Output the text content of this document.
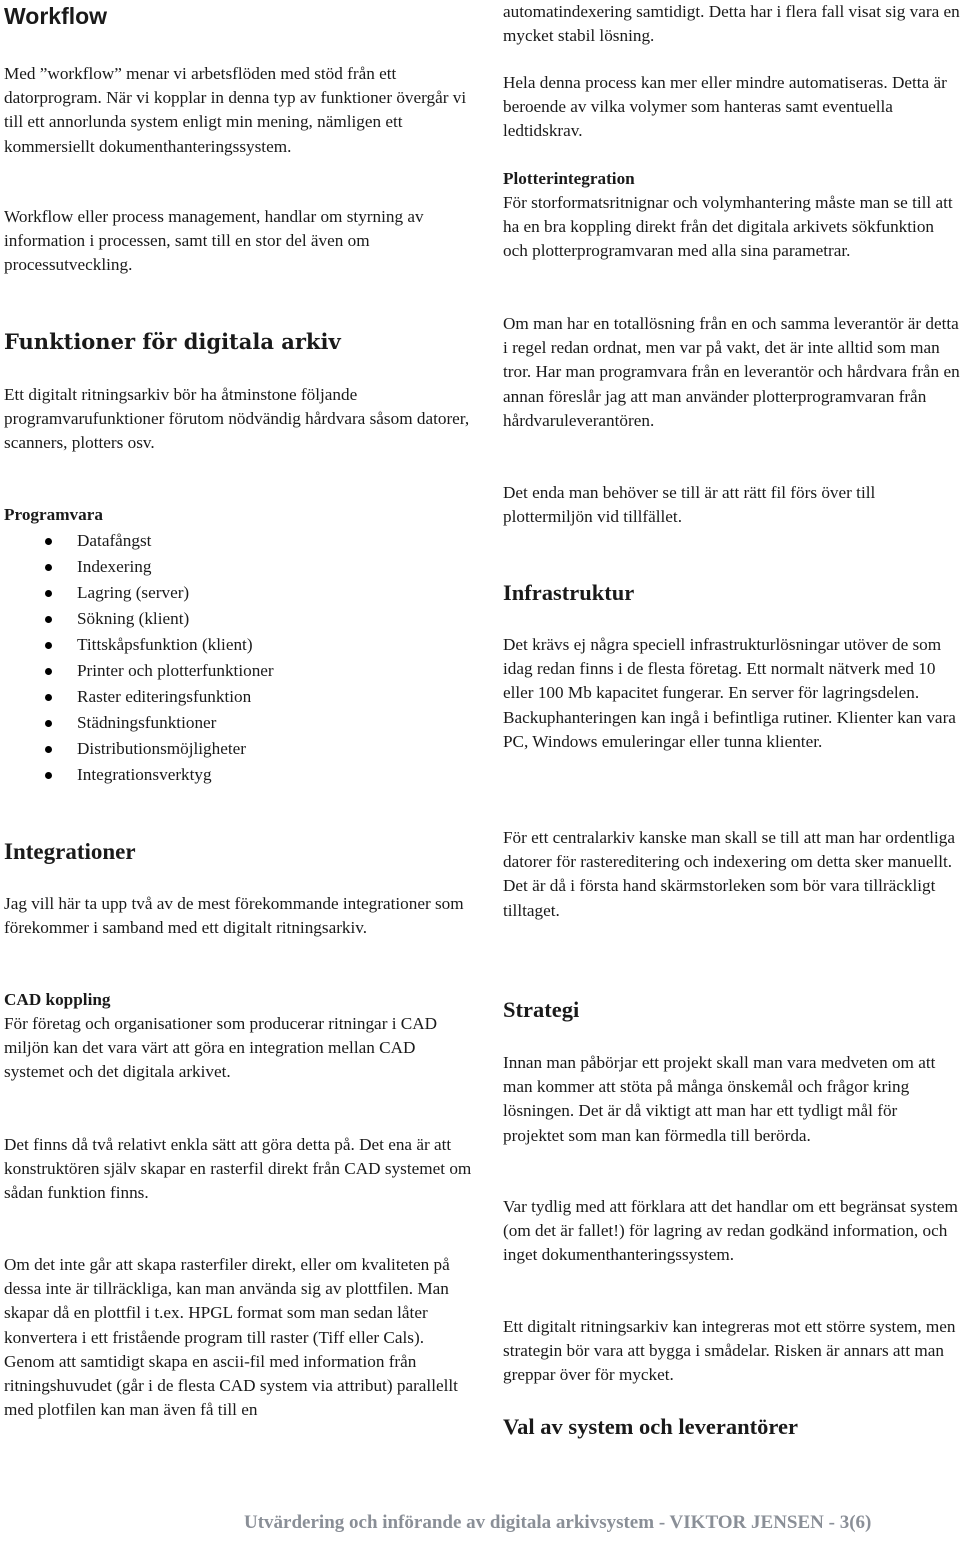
Workflow

Med ”workflow” menar vi arbetsflöden med stöd från ett datorprogram. När vi kopplar in denna typ av funktioner övergår vi till ett annorlunda system enligt min mening, nämligen ett kommersiellt dokumenthanteringssystem.

Workflow eller process management, handlar om styrning av information i processen, samt till en stor del även om processutveckling.

Funktioner för digitala arkiv

Ett digitalt ritningsarkiv bör ha åtminstone följande programvarufunktioner förutom nödvändig hårdvara såsom datorer, scanners, plotters osv.

Programvara

Datafångst
Indexering
Lagring (server)
Sökning (klient)
Tittskåpsfunktion (klient)
Printer och plotterfunktioner
Raster editeringsfunktion
Städningsfunktioner
Distributionsmöjligheter
Integrationsverktyg
Integrationer

Jag vill här ta upp två av de mest förekommande integrationer som förekommer i samband med ett digitalt ritningsarkiv.

CAD koppling

För företag och organisationer som producerar ritningar i CAD miljön kan det vara värt att göra en integration mellan CAD systemet och det digitala arkivet.

Det finns då två relativt enkla sätt att göra detta på. Det ena är att konstruktören själv skapar en rasterfil direkt från CAD systemet om sådan funktion finns.

Om det inte går att skapa rasterfiler direkt, eller om kvaliteten på dessa inte är tillräckliga, kan man använda sig av plottfilen. Man skapar då en plottfil i t.ex. HPGL format som man sedan låter konvertera i ett fristående program till raster (Tiff eller Cals). Genom att samtidigt skapa en ascii-fil med information från ritningshuvudet (går i de flesta CAD system via attribut) parallellt med plotfilen kan man även få till en

automatindexering samtidigt. Detta har i flera fall visat sig vara en mycket stabil lösning.

Hela denna process kan mer eller mindre automatiseras. Detta är beroende av vilka volymer som hanteras samt eventuella ledtidskrav.

Plotterintegration

För storformatsritnignar och volymhantering måste man se till att ha en bra koppling direkt från det digitala arkivets sökfunktion och plotterprogramvaran med alla sina parametrar.

Om man har en totallösning från en och samma leverantör är detta i regel redan ordnat, men var på vakt, det är inte alltid som man tror. Har man programvara från en leverantör och hårdvara från en annan föreslår jag att man använder plotterprogramvaran från hårdvaruleverantören.

Det enda man behöver se till är att rätt fil förs över till plottermiljön vid tillfället.

Infrastruktur

Det krävs ej några speciell infrastrukturlösningar utöver de som idag redan finns i de flesta företag. Ett normalt nätverk med 10 eller 100 Mb kapacitet fungerar. En server för lagringsdelen. Backuphanteringen kan ingå i befintliga rutiner. Klienter kan vara PC, Windows emuleringar eller tunna klienter.

För ett centralarkiv kanske man skall se till att man har ordentliga datorer för rastereditering och indexering om detta sker manuellt. Det är då i första hand skärmstorleken som bör vara tillräckligt tilltaget.

Strategi

Innan man påbörjar ett projekt skall man vara medveten om att man kommer att stöta på många önskemål och frågor kring lösningen. Det är då viktigt att man har ett tydligt mål för projektet som man kan förmedla till berörda.

Var tydlig med att förklara att det handlar om ett begränsat system (om det är fallet!) för lagring av redan godkänd information, och inget dokumenthanteringssystem.

Ett digitalt ritningsarkiv kan integreras mot ett större system, men strategin bör vara att bygga i smådelar. Risken är annars att man greppar över för mycket.

Val av system och leverantörer
Utvärdering och införande av digitala arkivsystem - VIKTOR JENSEN - 3(6)
